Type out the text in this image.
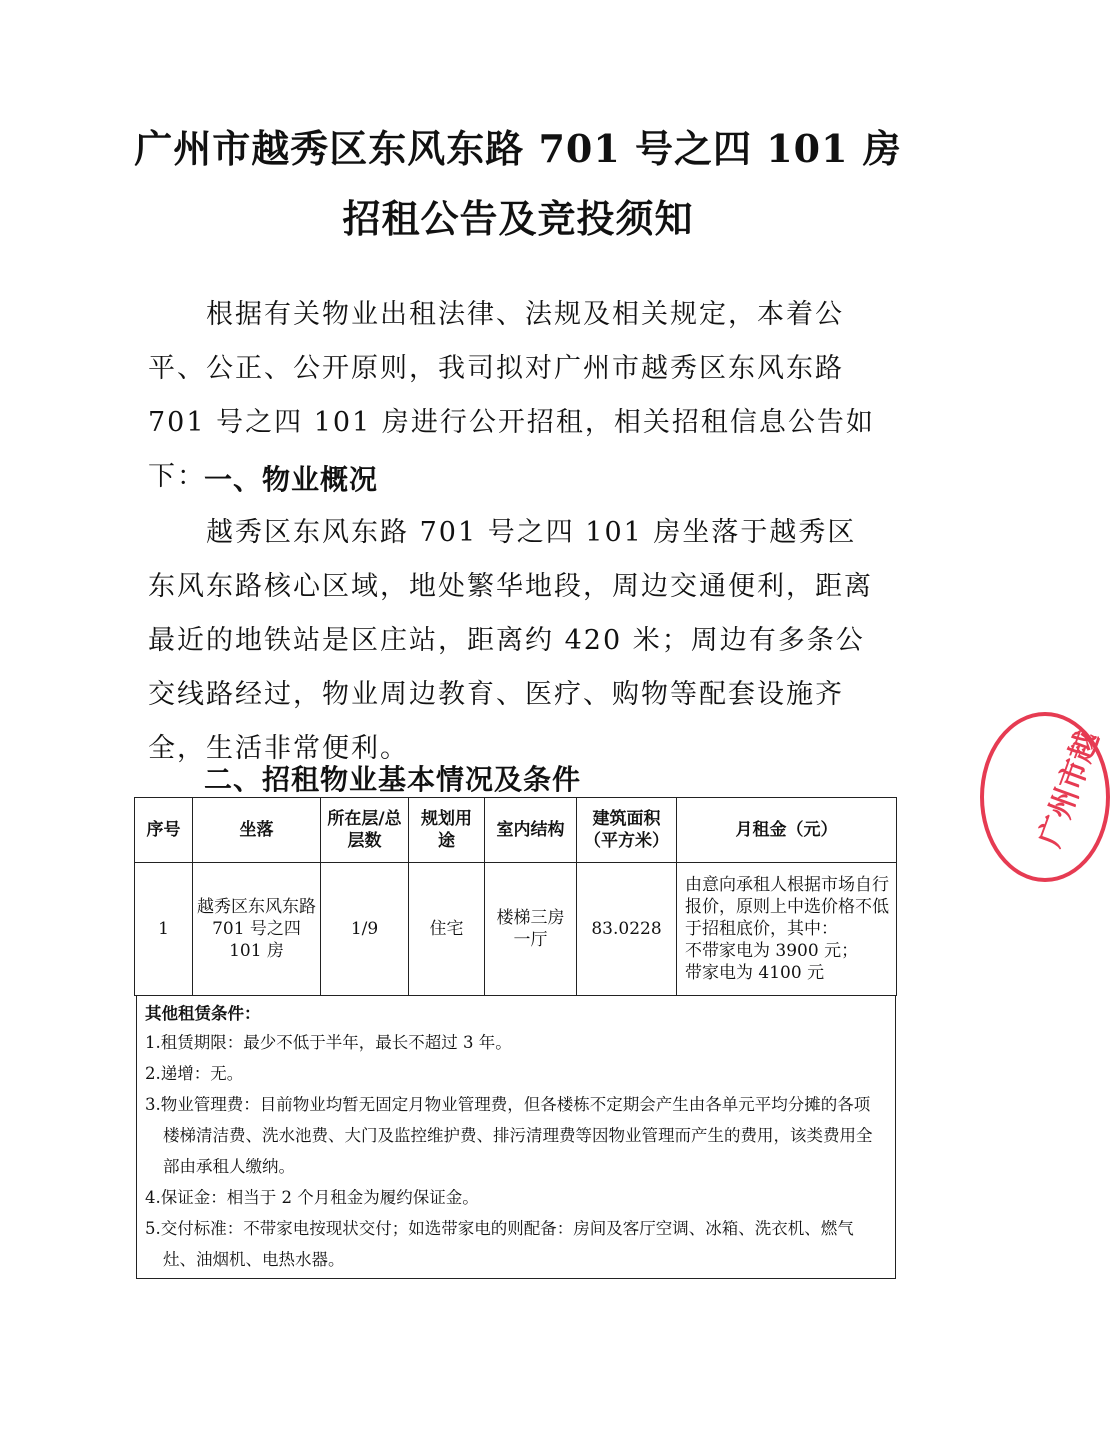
广州市越秀区东风东路 701 号之四 101 房
招租公告及竞投须知
根据有关物业出租法律、法规及相关规定，本着公平、公正、公开原则，我司拟对广州市越秀区东风东路 701 号之四 101 房进行公开招租，相关招租信息公告如下：
一、物业概况
越秀区东风东路 701 号之四 101 房坐落于越秀区东风东路核心区域，地处繁华地段，周边交通便利，距离最近的地铁站是区庄站，距离约 420 米；周边有多条公交线路经过，物业周边教育、医疗、购物等配套设施齐全，生活非常便利。
二、招租物业基本情况及条件
序号	坐落	所在层/总层数	规划用途	室内结构	建筑面积（平方米）	月租金（元）
1	越秀区东风东路 701 号之四 101 房	1/9	住宅	楼梯三房一厅	83.0228	由意向承租人根据市场自行报价，原则上中选价格不低于招租底价，其中：
不带家电为 3900 元；
带家电为 4100 元
其他租赁条件：
1.租赁期限：最少不低于半年，最长不超过 3 年。
2.递增：无。
3.物业管理费：目前物业均暂无固定月物业管理费，但各楼栋不定期会产生由各单元平均分摊的各项楼梯清洁费、洗水池费、大门及监控维护费、排污清理费等因物业管理而产生的费用，该类费用全部由承租人缴纳。
4.保证金：相当于 2 个月租金为履约保证金。
5.交付标准：不带家电按现状交付；如选带家电的则配备：房间及客厅空调、冰箱、洗衣机、燃气灶、油烟机、电热水器。
广州市越
